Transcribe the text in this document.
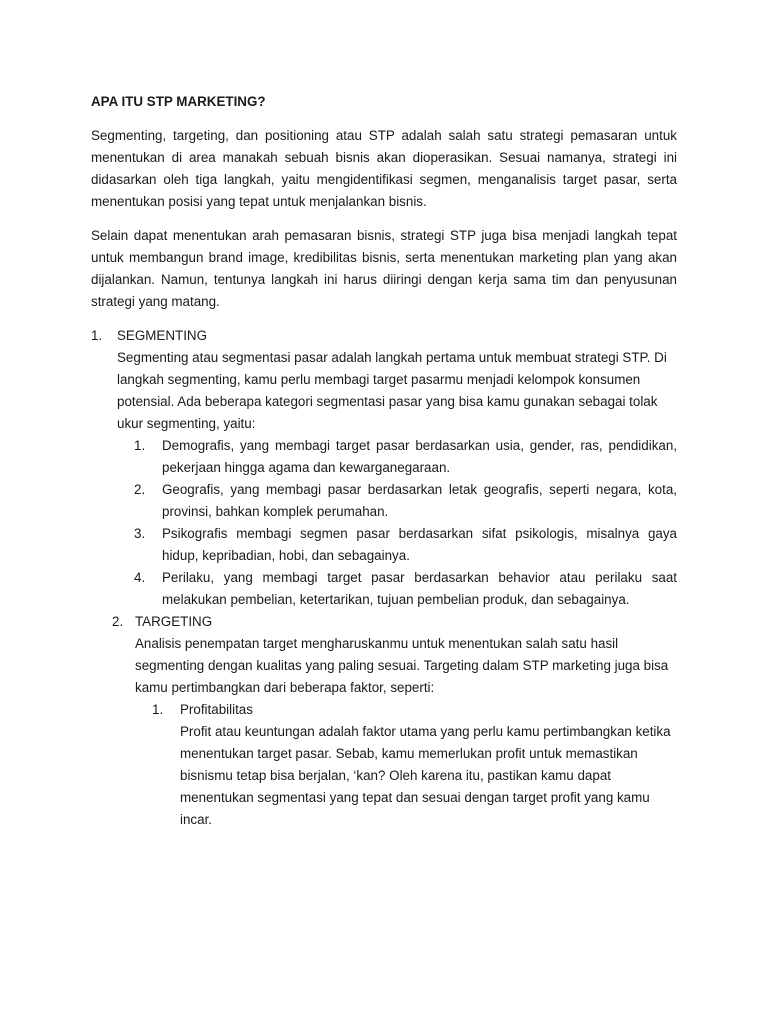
APA ITU STP MARKETING?

Segmenting, targeting, dan positioning atau STP adalah salah satu strategi pemasaran untuk menentukan di area manakah sebuah bisnis akan dioperasikan. Sesuai namanya, strategi ini didasarkan oleh tiga langkah, yaitu mengidentifikasi segmen, menganalisis target pasar, serta menentukan posisi yang tepat untuk menjalankan bisnis.

Selain dapat menentukan arah pemasaran bisnis, strategi STP juga bisa menjadi langkah tepat untuk membangun brand image, kredibilitas bisnis, serta menentukan marketing plan yang akan dijalankan. Namun, tentunya langkah ini harus diiringi dengan kerja sama tim dan penyusunan strategi yang matang.

1.	SEGMENTING
Segmenting atau segmentasi pasar adalah langkah pertama untuk membuat strategi STP. Di langkah segmenting, kamu perlu membagi target pasarmu menjadi kelompok konsumen potensial. Ada beberapa kategori segmentasi pasar yang bisa kamu gunakan sebagai tolak ukur segmenting, yaitu:
1.	Demografis, yang membagi target pasar berdasarkan usia, gender, ras, pendidikan, pekerjaan hingga agama dan kewarganegaraan.
2.	Geografis, yang membagi pasar berdasarkan letak geografis, seperti negara, kota, provinsi, bahkan komplek perumahan.
3.	Psikografis membagi segmen pasar berdasarkan sifat psikologis, misalnya gaya hidup, kepribadian, hobi, dan sebagainya.
4.	Perilaku, yang membagi target pasar berdasarkan behavior atau perilaku saat melakukan pembelian, ketertarikan, tujuan pembelian produk, dan sebagainya.
2. TARGETING
Analisis penempatan target mengharuskanmu untuk menentukan salah satu hasil segmenting dengan kualitas yang paling sesuai. Targeting dalam STP marketing juga bisa kamu pertimbangkan dari beberapa faktor, seperti:
1. Profitabilitas
Profit atau keuntungan adalah faktor utama yang perlu kamu pertimbangkan ketika menentukan target pasar. Sebab, kamu memerlukan profit untuk memastikan bisnismu tetap bisa berjalan, ‘kan? Oleh karena itu, pastikan kamu dapat menentukan segmentasi yang tepat dan sesuai dengan target profit yang kamu incar.
